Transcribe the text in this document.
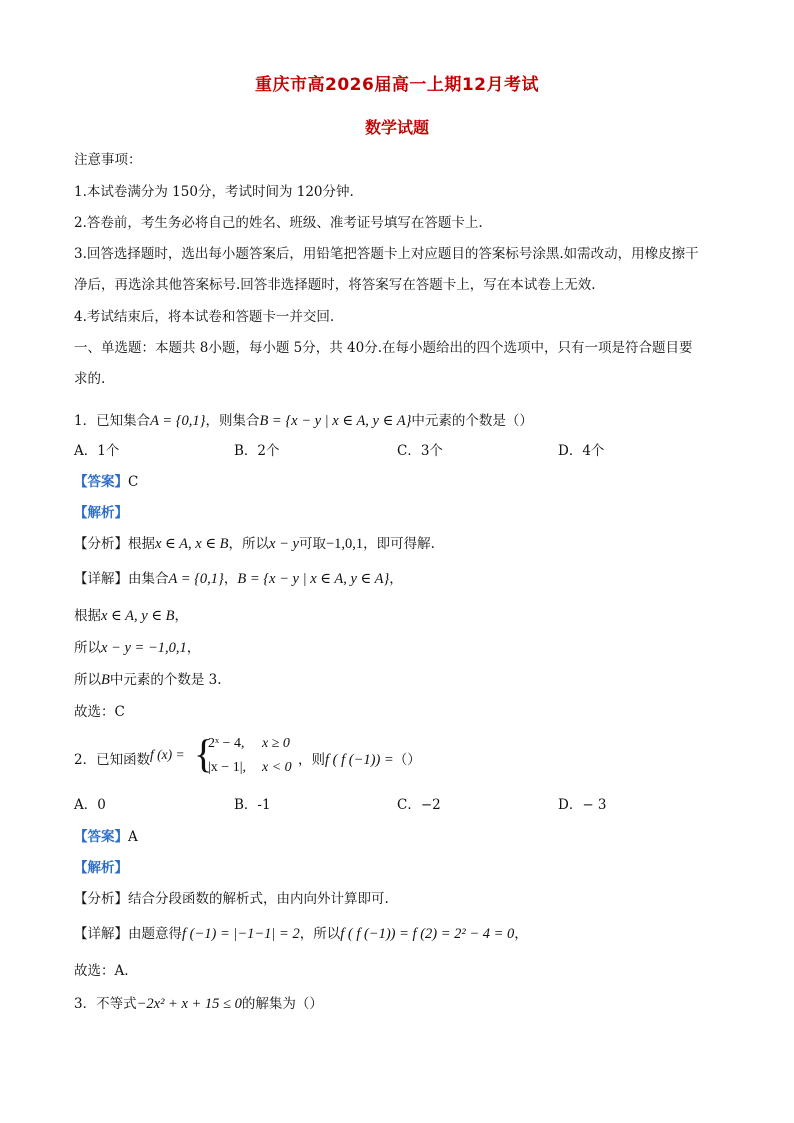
重庆市高2026届高一上期12月考试
数学试题
注意事项：
1.本试卷满分为 150分，考试时间为 120分钟.
2.答卷前，考生务必将自己的姓名、班级、准考证号填写在答题卡上.
3.回答选择题时，选出每小题答案后，用铅笔把答题卡上对应题目的答案标号涂黑.如需改动，用橡皮擦干
净后，再选涂其他答案标号.回答非选择题时，将答案写在答题卡上，写在本试卷上无效.
4.考试结束后，将本试卷和答题卡一并交回.
一、单选题：本题共 8小题，每小题 5分，共 40分.在每小题给出的四个选项中，只有一项是符合题目要
求的.
1．已知集合A = {0,1}，则集合B = {x − y | x ∈ A, y ∈ A}中元素的个数是（）
A．1个	B．2个	C．3个	D．4个
【答案】C
【解析】
【分析】根据x ∈ A, x ∈ B，所以x − y可取−1,0,1，即可得解.
【详解】由集合A = {0,1}，B = {x − y | x ∈ A, y ∈ A}，
根据x ∈ A, y ∈ B，
所以x − y = −1,0,1，
所以B中元素的个数是 3.
故选：C
2．已知函数 f (x) = {
2ˣ − 4, x ≥ 0
|x − 1|, x < 0 ，则f ( f (−1)) =（）
A．0	B．-1	C．−2	D．− 3
【答案】A
【解析】
【分析】结合分段函数的解析式，由内向外计算即可.
【详解】由题意得f (−1) = |−1−1| = 2，所以f ( f (−1)) = f (2) = 2² − 4 = 0，
故选：A.
3．不等式−2x² + x + 15 ≤ 0的解集为（）
